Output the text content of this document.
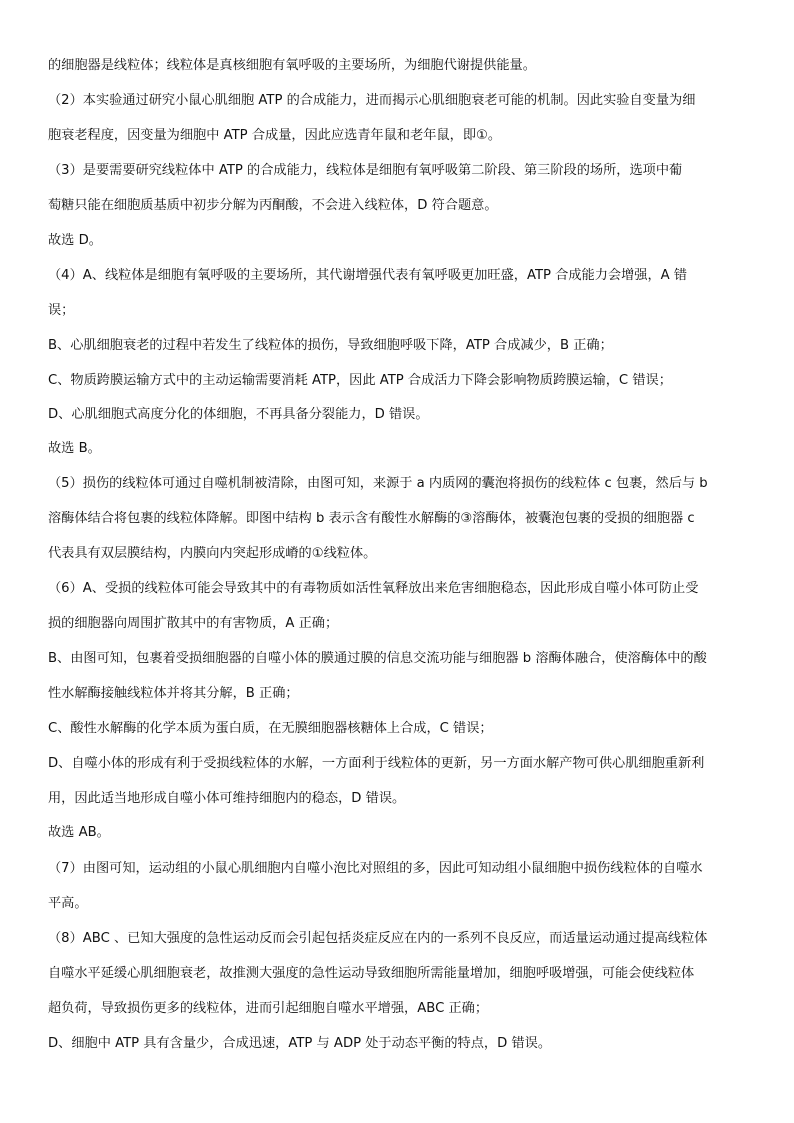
的细胞器是线粒体；线粒体是真核细胞有氧呼吸的主要场所，为细胞代谢提供能量。
（2）本实验通过研究小鼠心肌细胞 ATP 的合成能力，进而揭示心肌细胞衰老可能的机制。因此实验自变量为细
胞衰老程度，因变量为细胞中 ATP 合成量，因此应选青年鼠和老年鼠，即①。
（3）是要需要研究线粒体中 ATP 的合成能力，线粒体是细胞有氧呼吸第二阶段、第三阶段的场所，选项中葡
萄糖只能在细胞质基质中初步分解为丙酮酸，不会进入线粒体，D 符合题意。
故选 D。
（4）A、线粒体是细胞有氧呼吸的主要场所，其代谢增强代表有氧呼吸更加旺盛，ATP 合成能力会增强，A 错
误；
B、心肌细胞衰老的过程中若发生了线粒体的损伤，导致细胞呼吸下降，ATP 合成减少，B 正确；
C、物质跨膜运输方式中的主动运输需要消耗 ATP，因此 ATP 合成活力下降会影响物质跨膜运输，C 错误；
D、心肌细胞式高度分化的体细胞，不再具备分裂能力，D 错误。
故选 B。
（5）损伤的线粒体可通过自噬机制被清除，由图可知，来源于 a 内质网的囊泡将损伤的线粒体 c 包裹，然后与 b
溶酶体结合将包裹的线粒体降解。即图中结构 b 表示含有酸性水解酶的③溶酶体，被囊泡包裹的受损的细胞器 c
代表具有双层膜结构，内膜向内突起形成嵴的①线粒体。
（6）A、受损的线粒体可能会导致其中的有毒物质如活性氧释放出来危害细胞稳态，因此形成自噬小体可防止受
损的细胞器向周围扩散其中的有害物质，A 正确；
B、由图可知，包裹着受损细胞器的自噬小体的膜通过膜的信息交流功能与细胞器 b 溶酶体融合，使溶酶体中的酸
性水解酶接触线粒体并将其分解，B 正确；
C、酸性水解酶的化学本质为蛋白质，在无膜细胞器核糖体上合成，C 错误；
D、自噬小体的形成有利于受损线粒体的水解，一方面利于线粒体的更新，另一方面水解产物可供心肌细胞重新利
用，因此适当地形成自噬小体可维持细胞内的稳态，D 错误。
故选 AB。
（7）由图可知，运动组的小鼠心肌细胞内自噬小泡比对照组的多，因此可知动组小鼠细胞中损伤线粒体的自噬水
平高。
（8）ABC 、已知大强度的急性运动反而会引起包括炎症反应在内的一系列不良反应，而适量运动通过提高线粒体
自噬水平延缓心肌细胞衰老，故推测大强度的急性运动导致细胞所需能量增加，细胞呼吸增强，可能会使线粒体
超负荷，导致损伤更多的线粒体，进而引起细胞自噬水平增强，ABC 正确；
D、细胞中 ATP 具有含量少，合成迅速，ATP 与 ADP 处于动态平衡的特点，D 错误。
